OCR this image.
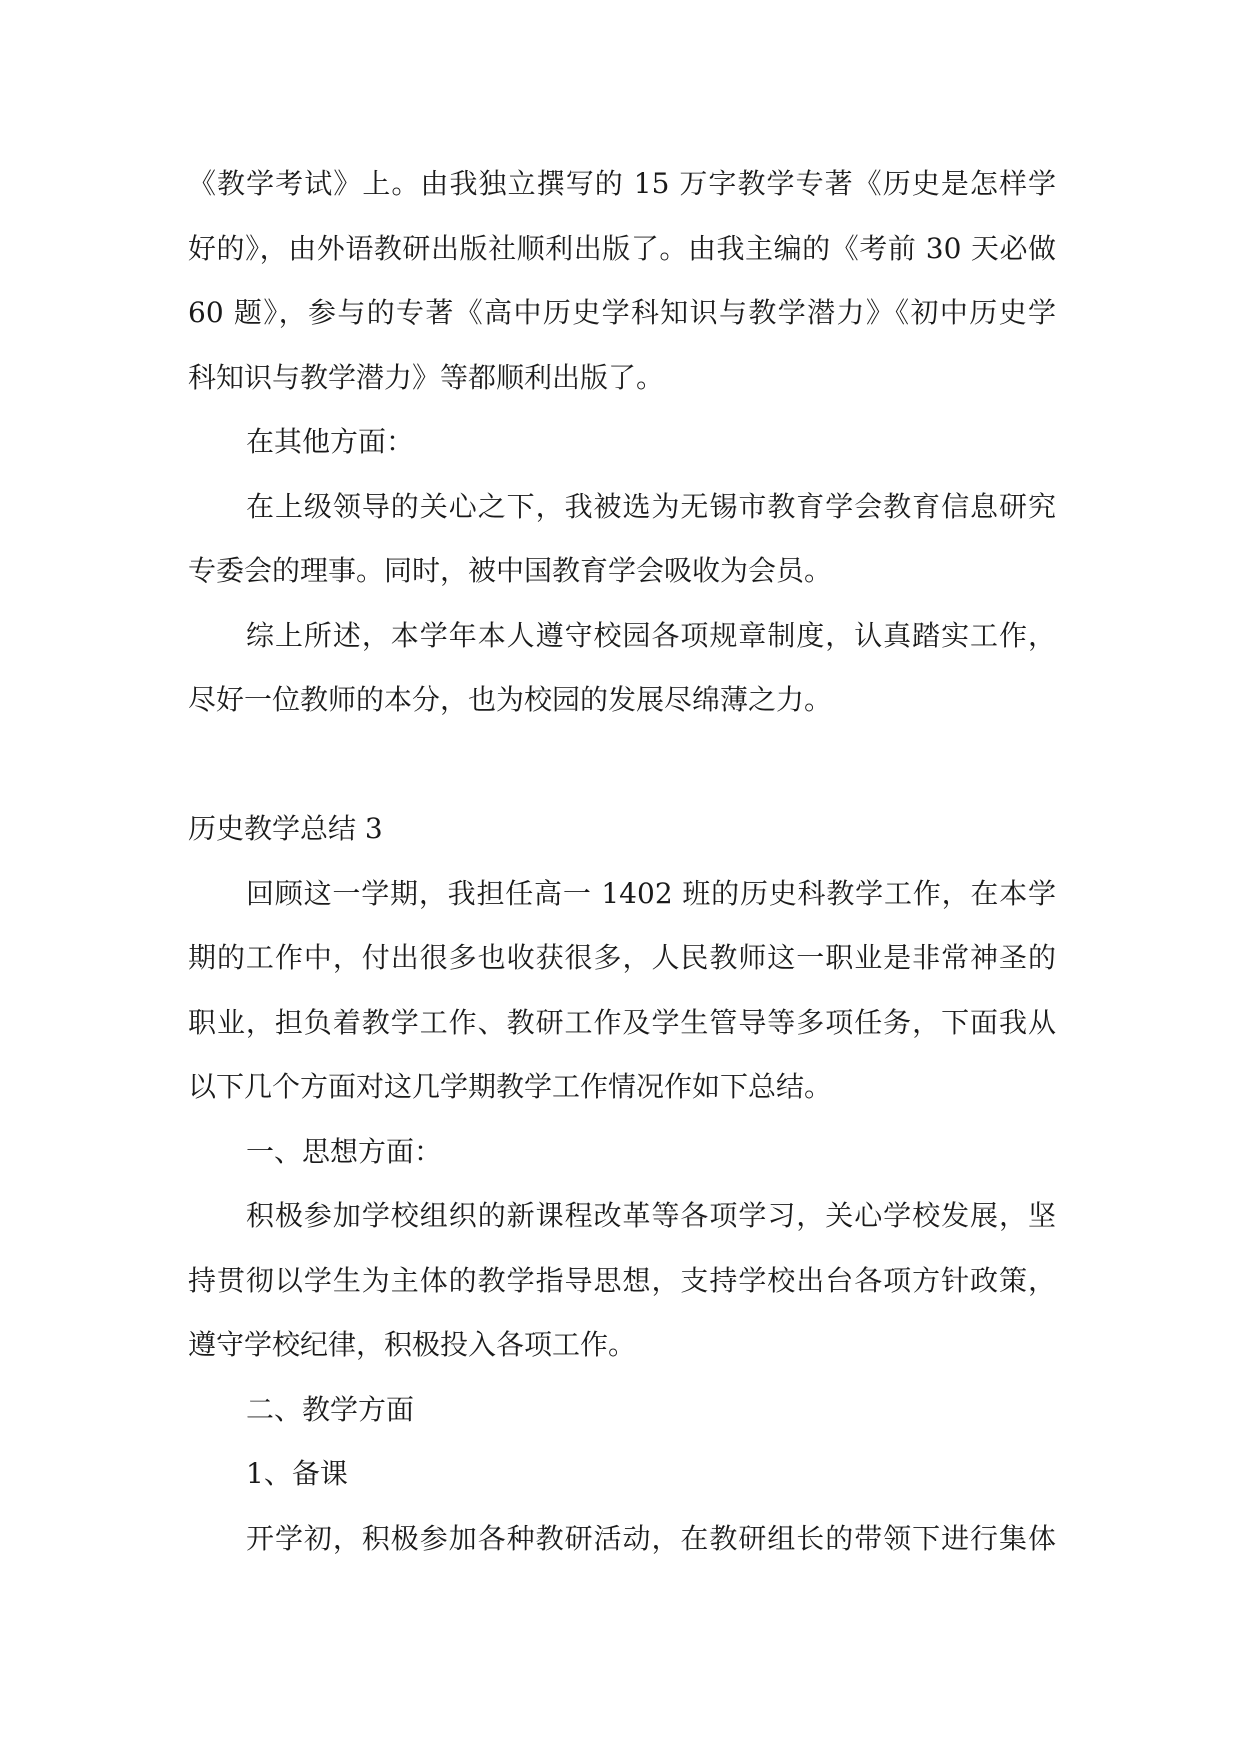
《教学考试》上。由我独立撰写的 15 万字教学专著《历史是怎样学
好的》，由外语教研出版社顺利出版了。由我主编的《考前 30 天必做
60 题》，参与的专著《高中历史学科知识与教学潜力》《初中历史学
科知识与教学潜力》等都顺利出版了。
在其他方面：
在上级领导的关心之下，我被选为无锡市教育学会教育信息研究
专委会的理事。同时，被中国教育学会吸收为会员。
综上所述，本学年本人遵守校园各项规章制度，认真踏实工作，
尽好一位教师的本分，也为校园的发展尽绵薄之力。
历史教学总结 3
回顾这一学期，我担任高一 1402 班的历史科教学工作，在本学
期的工作中，付出很多也收获很多，人民教师这一职业是非常神圣的
职业，担负着教学工作、教研工作及学生管导等多项任务，下面我从
以下几个方面对这几学期教学工作情况作如下总结。
一、思想方面：
积极参加学校组织的新课程改革等各项学习，关心学校发展，坚
持贯彻以学生为主体的教学指导思想，支持学校出台各项方针政策，
遵守学校纪律，积极投入各项工作。
二、教学方面
1、备课
开学初，积极参加各种教研活动，在教研组长的带领下进行集体
